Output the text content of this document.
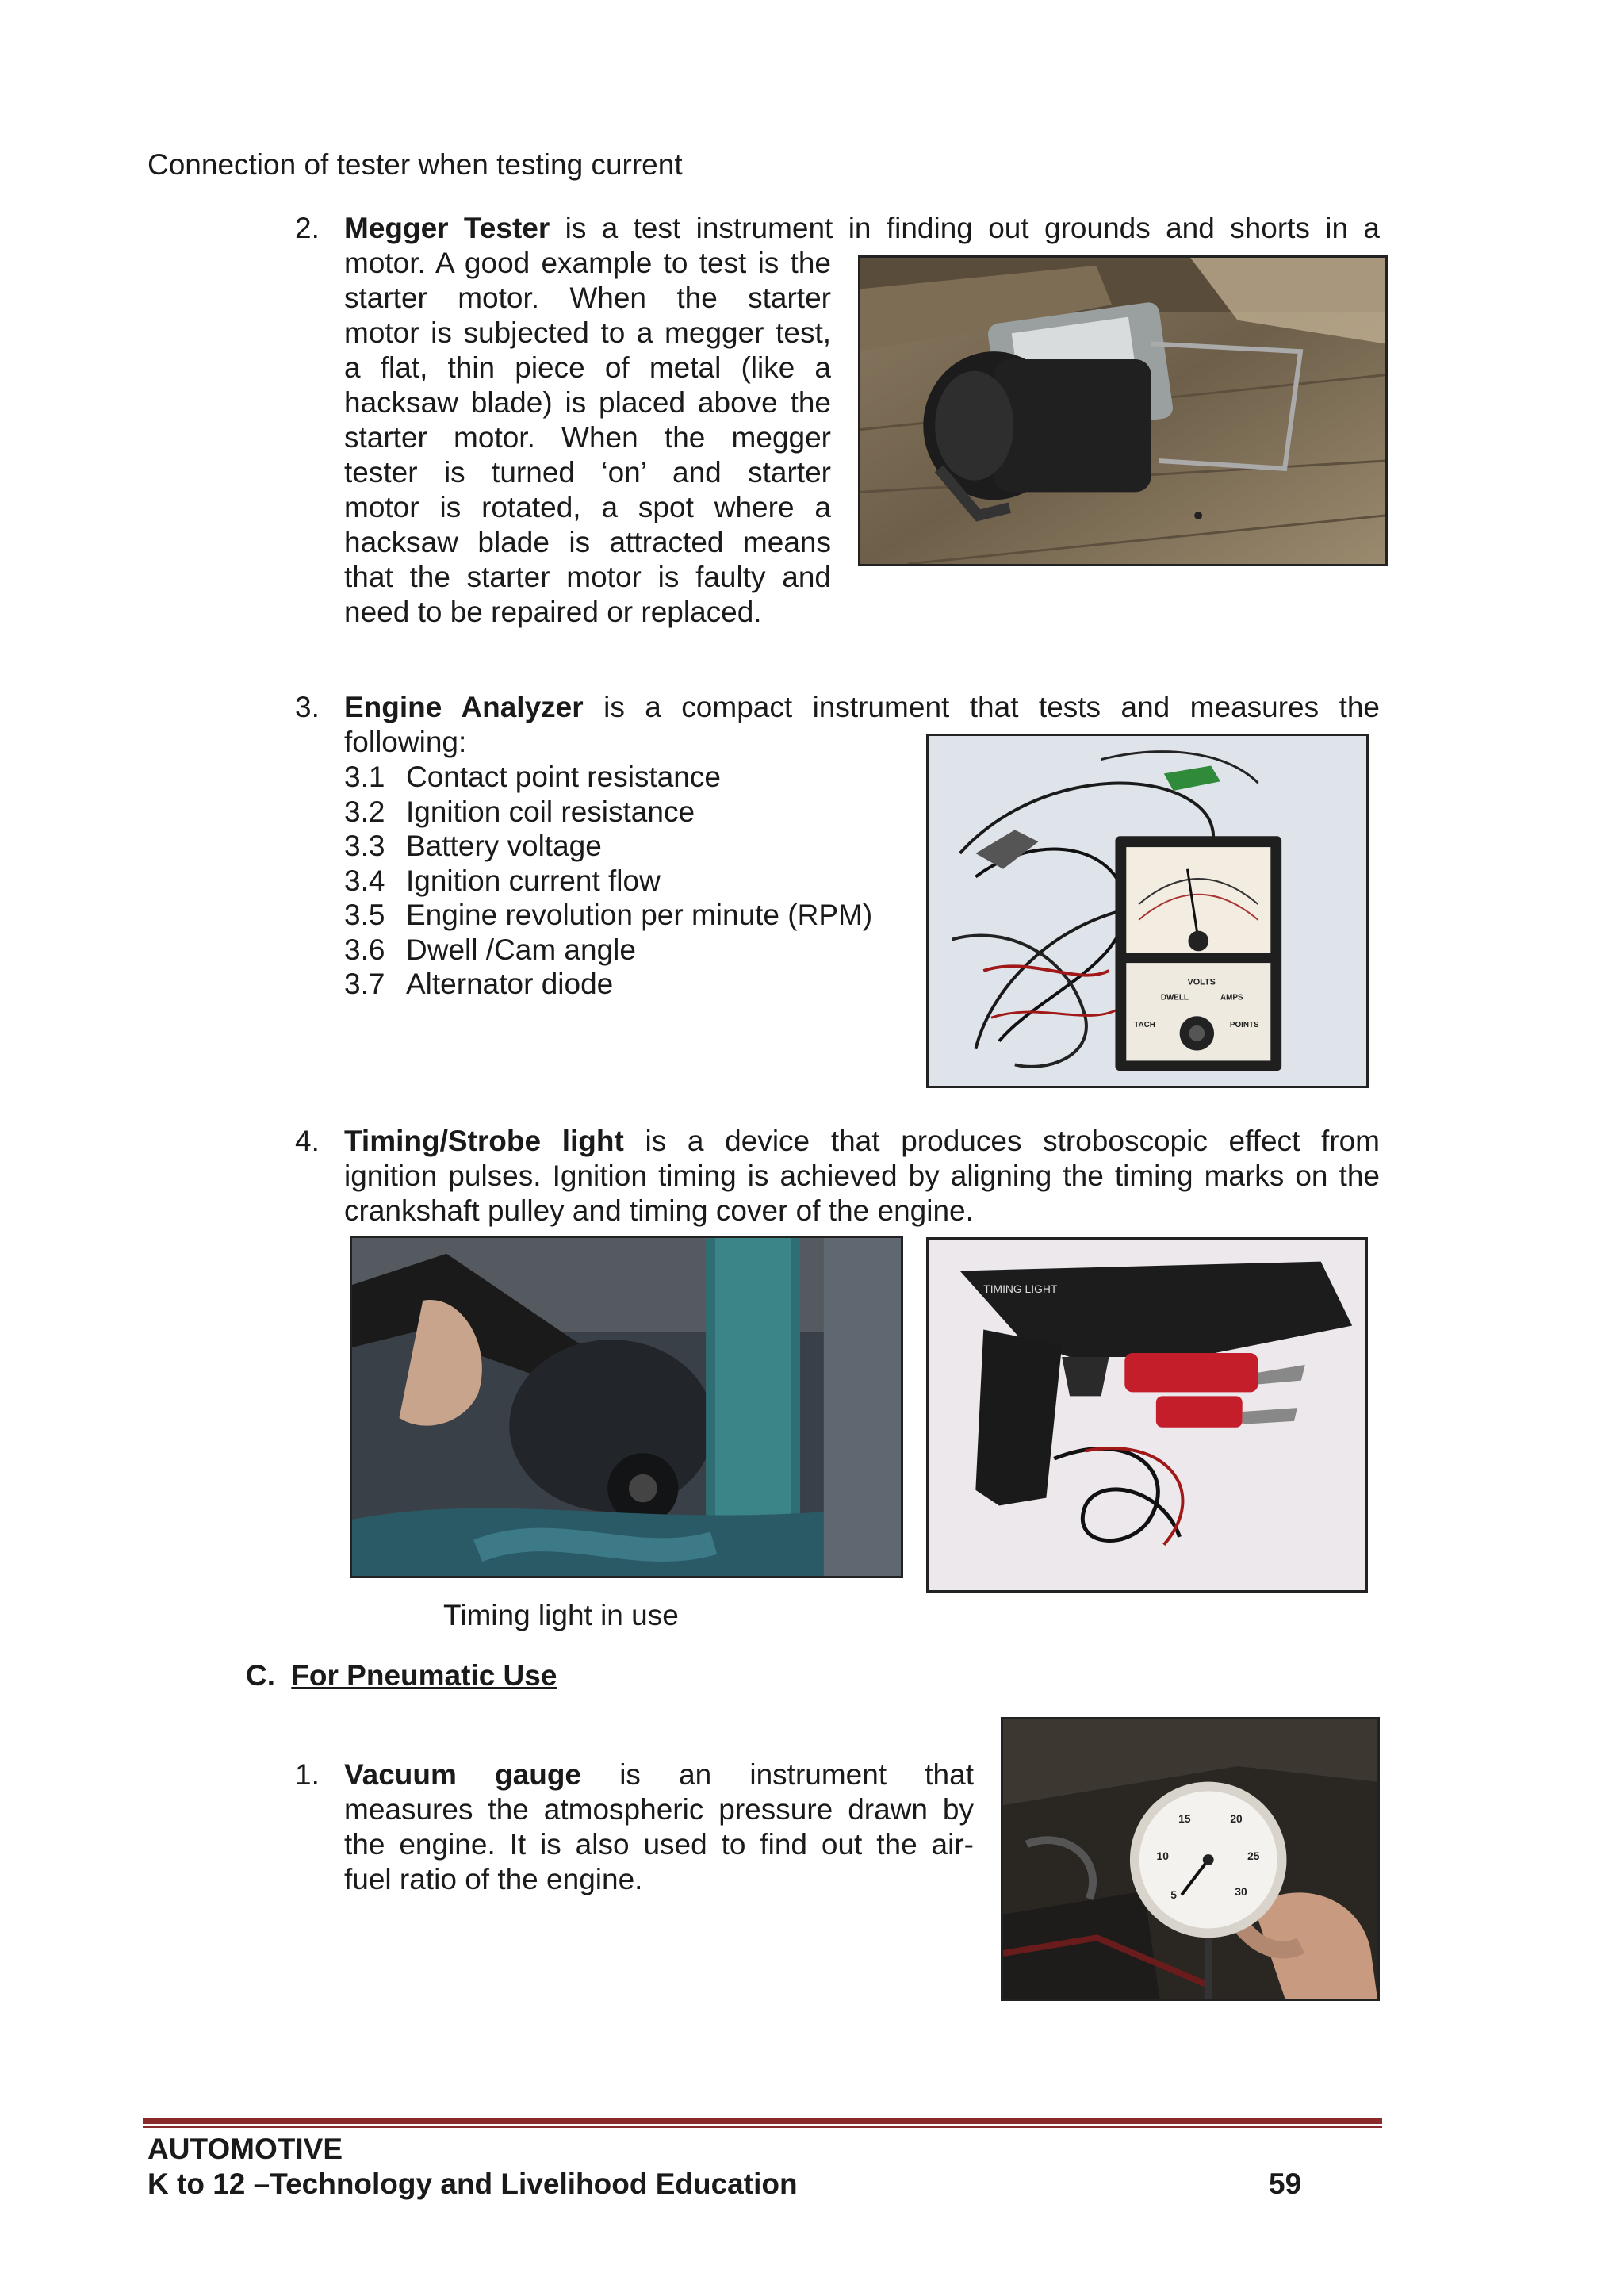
Connection of tester when testing current

2. Megger Tester is a test instrument in finding out grounds and shorts in a

motor. A good example to test is the

starter motor. When the starter

motor is subjected to a megger test,

a flat, thin piece of metal (like a

hacksaw blade) is placed above the

starter motor. When the megger

tester is turned ‘on’ and starter

motor is rotated, a spot where a

hacksaw blade is attracted means

that the starter motor is faulty and

need to be repaired or replaced.

3. Engine Analyzer is a compact instrument that tests and measures the

following:

3.1 Contact point resistance
3.2 Ignition coil resistance
3.3 Battery voltage
3.4 Ignition current flow
3.5 Engine revolution per minute (RPM)
3.6 Dwell /Cam angle
3.7 Alternator diode	VOLTS
DWELL	AMPS
TACH	POINTS
4. Timing/Strobe light is a device that produces stroboscopic effect from

ignition pulses. Ignition timing is achieved by aligning the timing marks on the

crankshaft pulley and timing cover of the engine.

TIMING LIGHT

Timing light in use

C. For Pneumatic Use

1. Vacuum gauge is an instrument that

measures the atmospheric pressure drawn by

the engine. It is also used to find out the air-

fuel ratio of the engine.	5
10
15	20
25
30

AUTOMOTIVE

K to 12 –Technology and Livelihood Education	59
